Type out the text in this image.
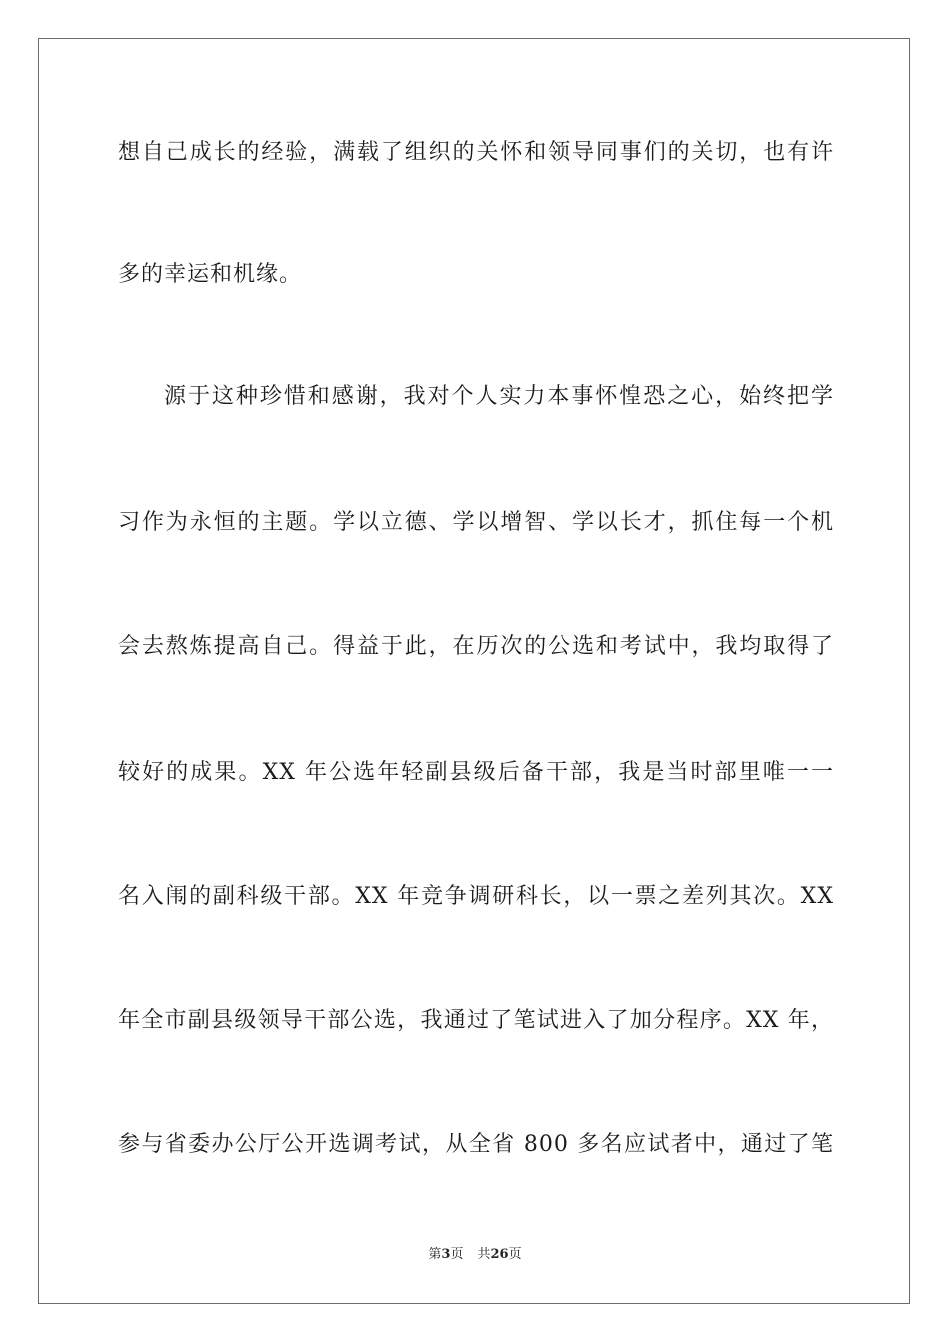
想自己成长的经验，满载了组织的关怀和领导同事们的关切，也有许
多的幸运和机缘。
源于这种珍惜和感谢，我对个人实力本事怀惶恐之心，始终把学
习作为永恒的主题。学以立德、学以增智、学以长才，抓住每一个机
会去熬炼提高自己。得益于此，在历次的公选和考试中，我均取得了
较好的成果。XX 年公选年轻副县级后备干部，我是当时部里唯一一
名入闱的副科级干部。XX 年竞争调研科长，以一票之差列其次。XX
年全市副县级领导干部公选，我通过了笔试进入了加分程序。XX 年，
参与省委办公厅公开选调考试，从全省 800 多名应试者中，通过了笔
第3页 共26页
